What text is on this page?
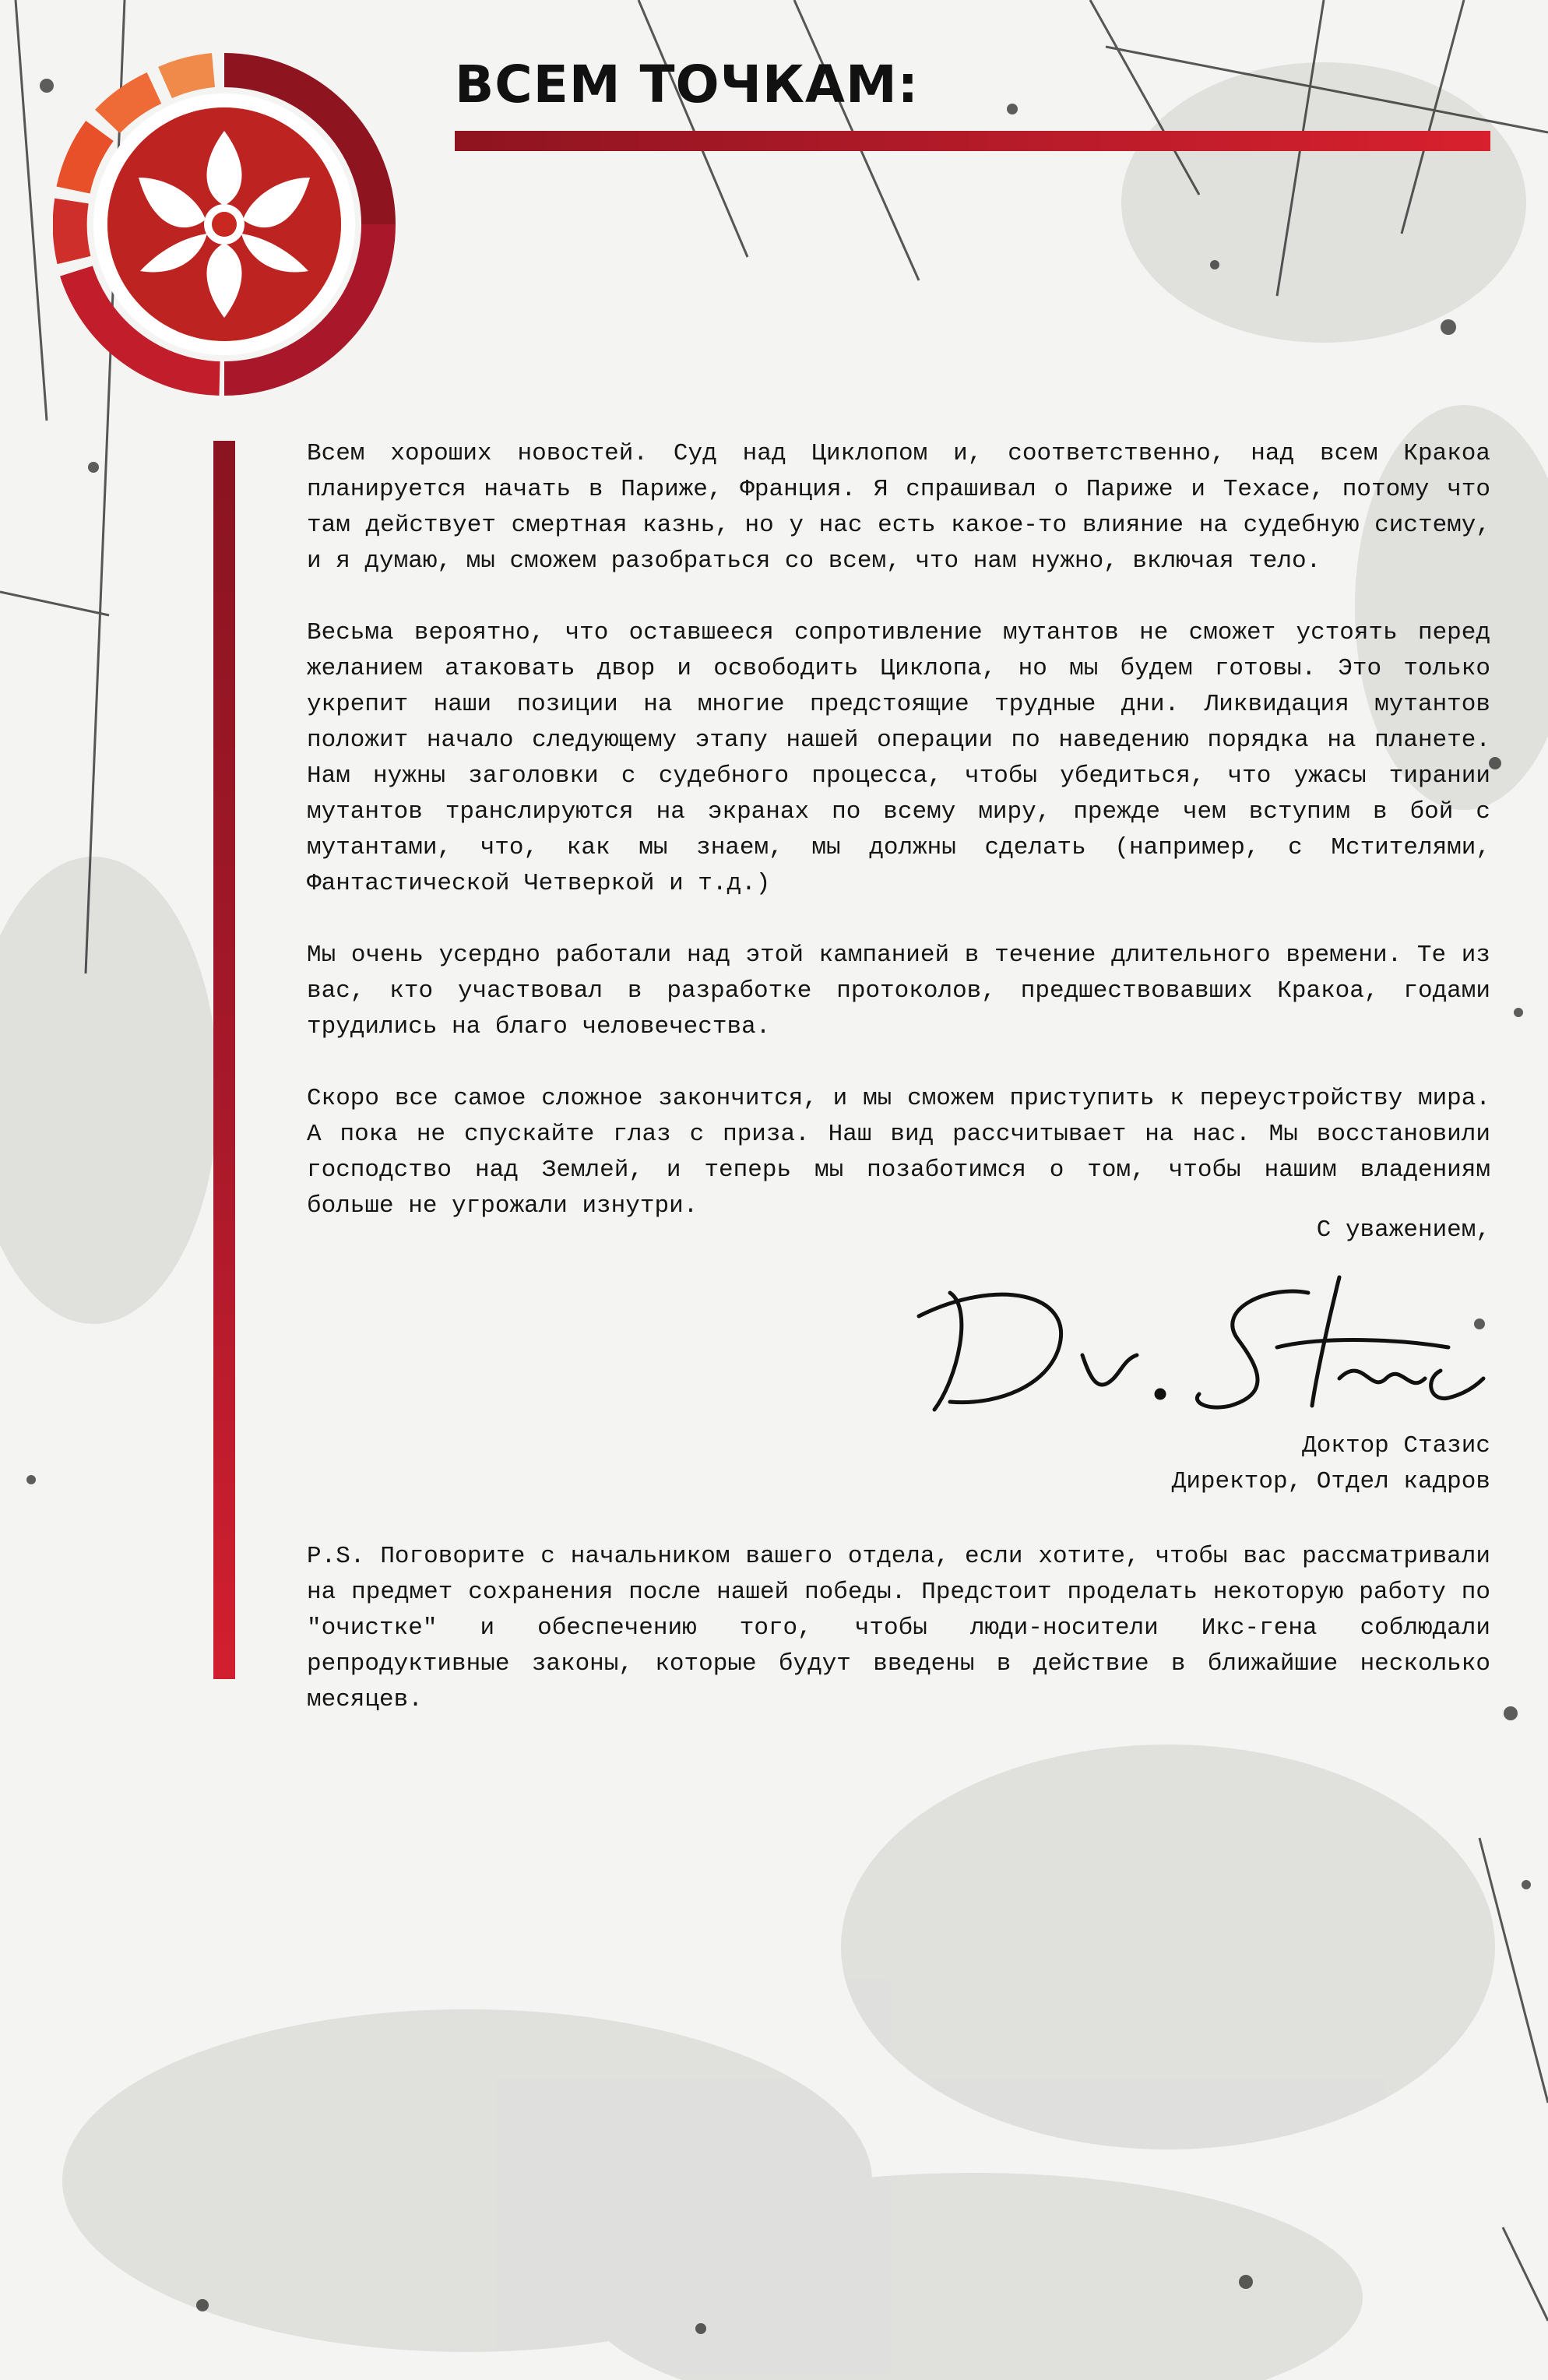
ВСЕМ ТОЧКАМ:

Всем хороших новостей. Суд над Циклопом и, соответственно, над всем Кракоа планируется начать в Париже, Франция. Я спрашивал о Париже и Техасе, потому что там действует смертная казнь, но у нас есть какое-то влияние на судебную систему, и я думаю, мы сможем разобраться со всем, что нам нужно, включая тело.

Весьма вероятно, что оставшееся сопротивление мутантов не сможет устоять перед желанием атаковать двор и освободить Циклопа, но мы будем готовы. Это только укрепит наши позиции на многие предстоящие трудные дни. Ликвидация мутантов положит начало следующему этапу нашей операции по наведению порядка на планете. Нам нужны заголовки с судебного процесса, чтобы убедиться, что ужасы тирании мутантов транслируются на экранах по всему миру, прежде чем вступим в бой с мутантами, что, как мы знаем, мы должны сделать (например, с Мстителями, Фантастической Четверкой и т.д.)

Мы очень усердно работали над этой кампанией в течение длительного времени. Те из вас, кто участвовал в разработке протоколов, предшествовавших Кракоа, годами трудились на благо человечества.

Скоро все самое сложное закончится, и мы сможем приступить к переустройству мира. А пока не спускайте глаз с приза. Наш вид рассчитывает на нас. Мы восстановили господство над Землей, и теперь мы позаботимся о том, чтобы нашим владениям больше не угрожали изнутри.

С уважением,
Доктор Стазис
Директор, Отдел кадров

P.S. Поговорите с начальником вашего отдела, если хотите, чтобы вас рассматривали на предмет сохранения после нашей победы. Предстоит проделать некоторую работу по "очистке" и обеспечению того, чтобы люди-носители Икс-гена соблюдали репродуктивные законы, которые будут введены в действие в ближайшие несколько месяцев.
